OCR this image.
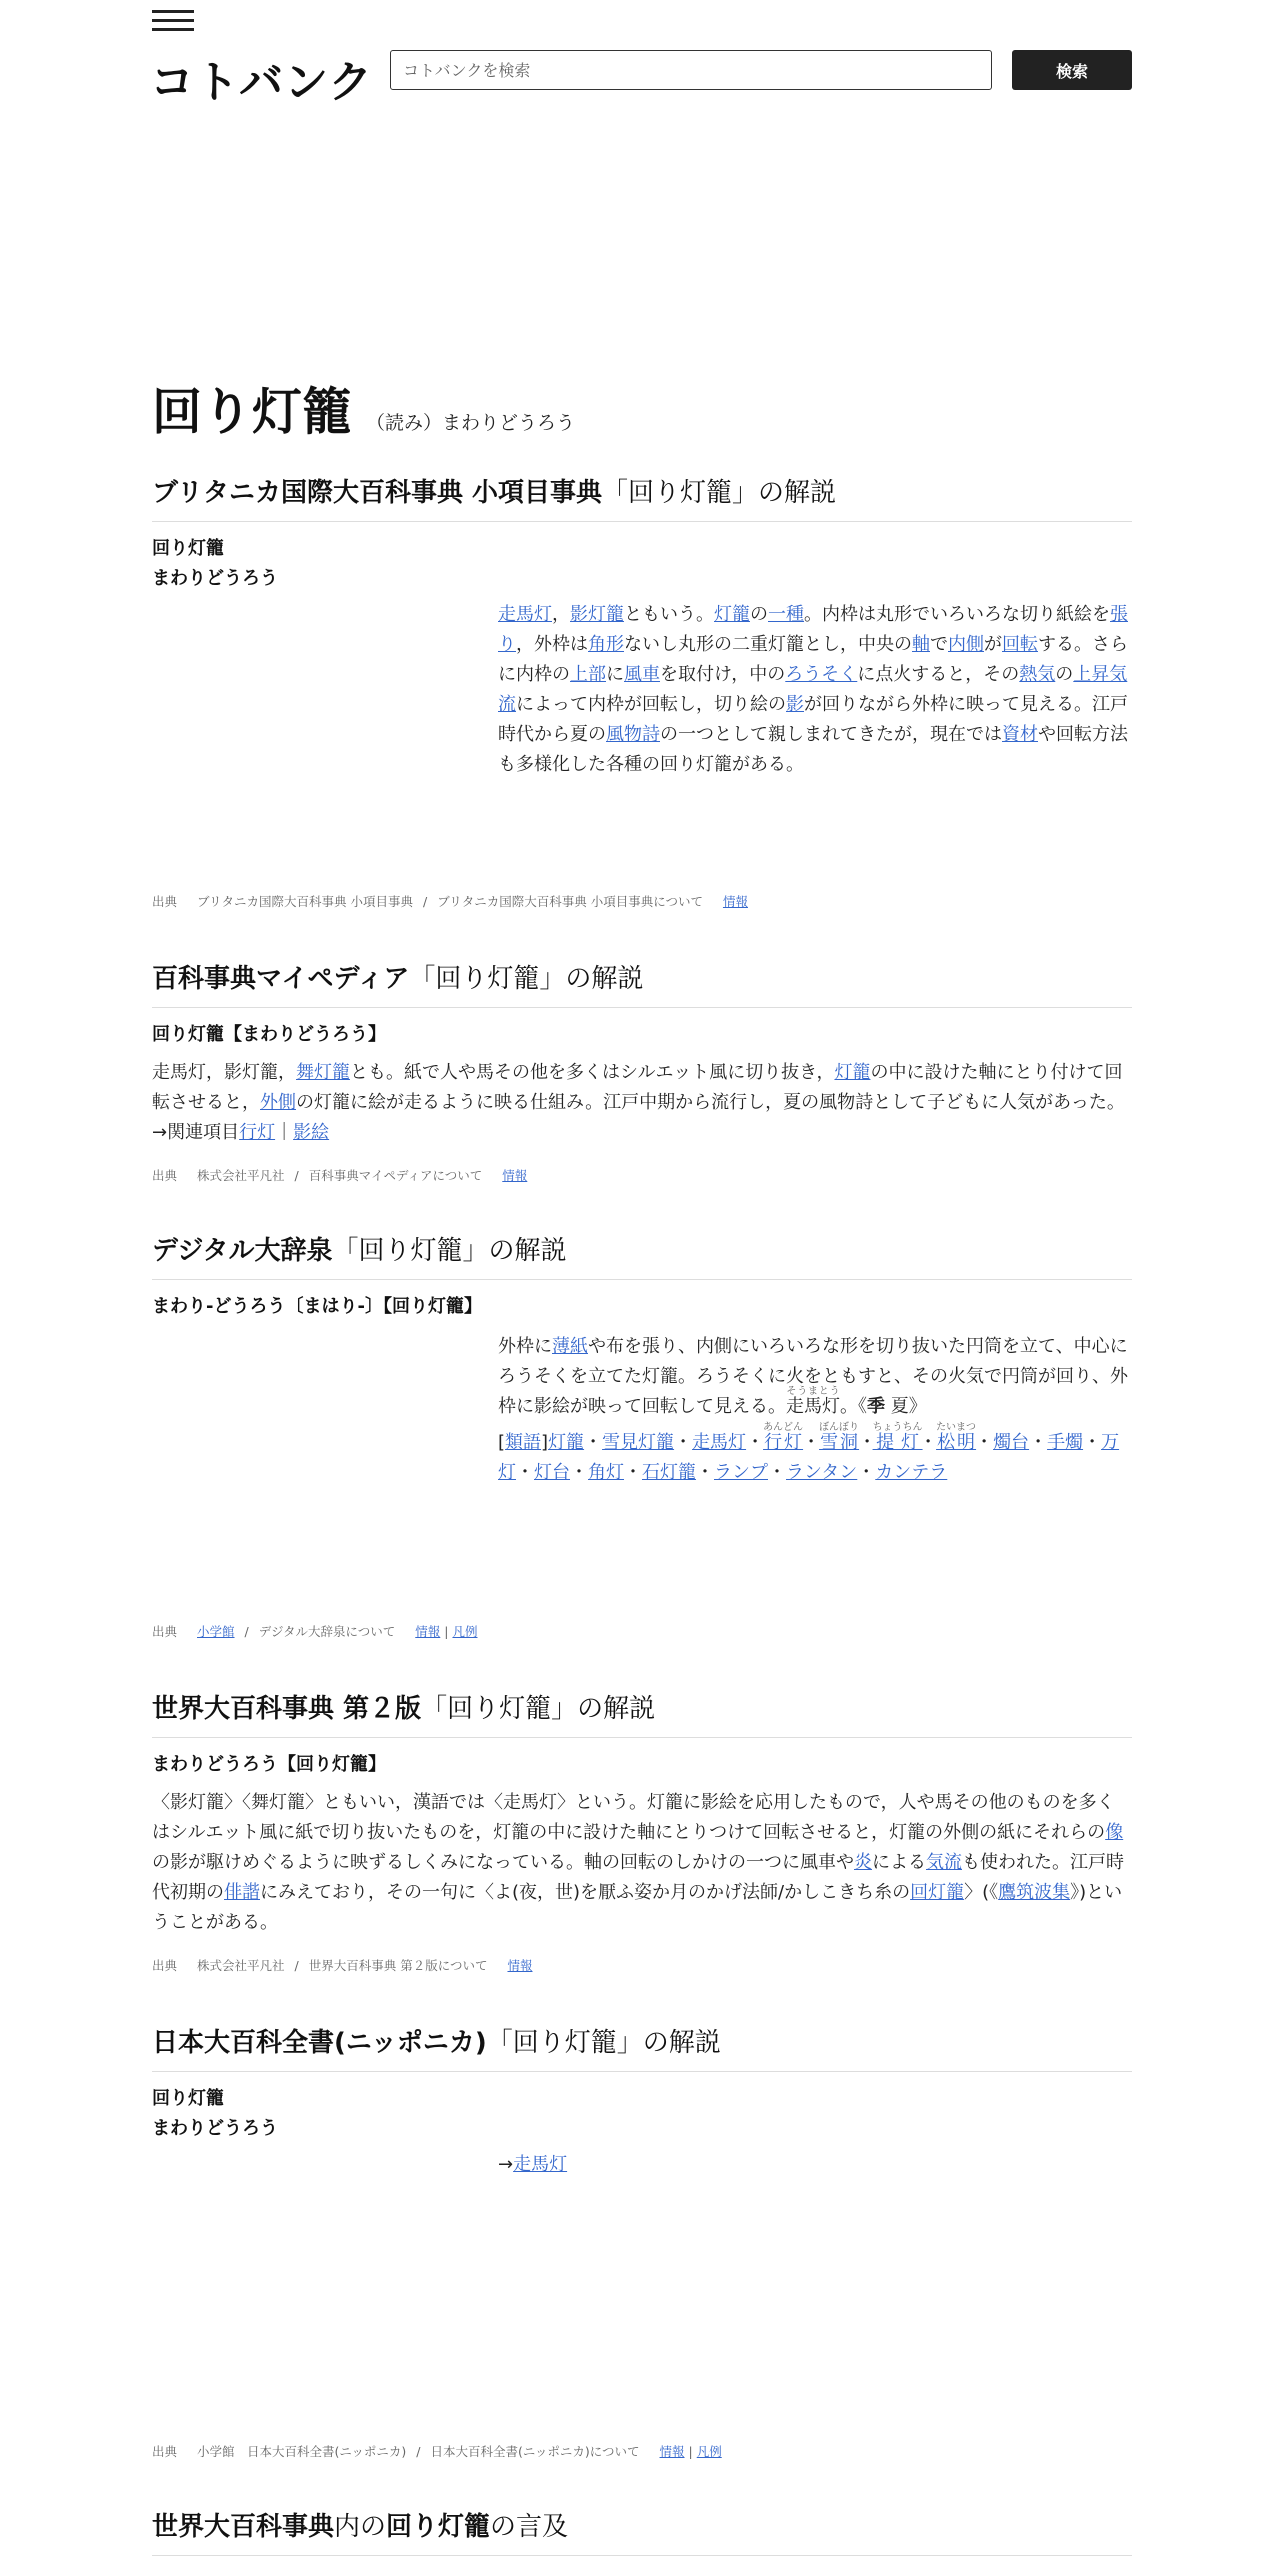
コトバンク
コトバンクを検索	検索
回り灯籠 （読み）まわりどうろう
ブリタニカ国際大百科事典 小項目事典「回り灯籠」の解説
回り灯籠
まわりどうろう
走馬灯，影灯籠ともいう。灯籠の一種。内枠は丸形でいろいろな切り紙絵を張り，外枠は角形ないし丸形の二重灯籠とし，中央の軸で内側が回転する。さらに内枠の上部に風車を取付け，中のろうそくに点火すると，その熱気の上昇気流によって内枠が回転し，切り絵の影が回りながら外枠に映って見える。江戸時代から夏の風物詩の一つとして親しまれてきたが，現在では資材や回転方法も多様化した各種の回り灯籠がある。
出典 ブリタニカ国際大百科事典 小項目事典 / ブリタニカ国際大百科事典 小項目事典について 情報
百科事典マイペディア「回り灯籠」の解説
回り灯籠【まわりどうろう】
走馬灯，影灯籠，舞灯籠とも。紙で人や馬その他を多くはシルエット風に切り抜き，灯籠の中に設けた軸にとり付けて回転させると，外側の灯籠に絵が走るように映る仕組み。江戸中期から流行し，夏の風物詩として子どもに人気があった。→関連項目行灯｜影絵
出典 株式会社平凡社 / 百科事典マイペディアについて 情報
デジタル大辞泉「回り灯籠」の解説
まわり‐どうろう〔まはり‐〕【回り灯籠】
外枠に薄紙や布を張り、内側にいろいろな形を切り抜いた円筒を立て、中心にろうそくを立てた灯籠。ろうそくに火をともすと、その火気で円筒が回り、外枠に影絵が映って回転して見える。走馬灯そうまとう。《季 夏》
[類語]灯籠・雪見灯籠・走馬灯・行灯あんどん・雪洞ぼんぼり・提灯ちょうちん・松明たいまつ・燭台・手燭・万灯・灯台・角灯・石灯籠・ランプ・ランタン・カンテラ
出典 小学館 / デジタル大辞泉について 情報 | 凡例
世界大百科事典 第２版「回り灯籠」の解説
まわりどうろう【回り灯籠】
〈影灯籠〉〈舞灯籠〉ともいい，漢語では〈走馬灯〉という。灯籠に影絵を応用したもので，人や馬その他のものを多くはシルエット風に紙で切り抜いたものを，灯籠の中に設けた軸にとりつけて回転させると，灯籠の外側の紙にそれらの像の影が駆けめぐるように映ずるしくみになっている。軸の回転のしかけの一つに風車や炎による気流も使われた。江戸時代初期の俳諧にみえており，その一句に〈よ(夜，世)を厭ふ姿か月のかげ法師/かしこきち糸の回灯籠〉(《鷹筑波集》)ということがある。
出典 株式会社平凡社 / 世界大百科事典 第２版について 情報
日本大百科全書(ニッポニカ)「回り灯籠」の解説
回り灯籠
まわりどうろう
→走馬灯
出典 小学館　日本大百科全書(ニッポニカ) / 日本大百科全書(ニッポニカ)について 情報 | 凡例
世界大百科事典内の回り灯籠の言及
